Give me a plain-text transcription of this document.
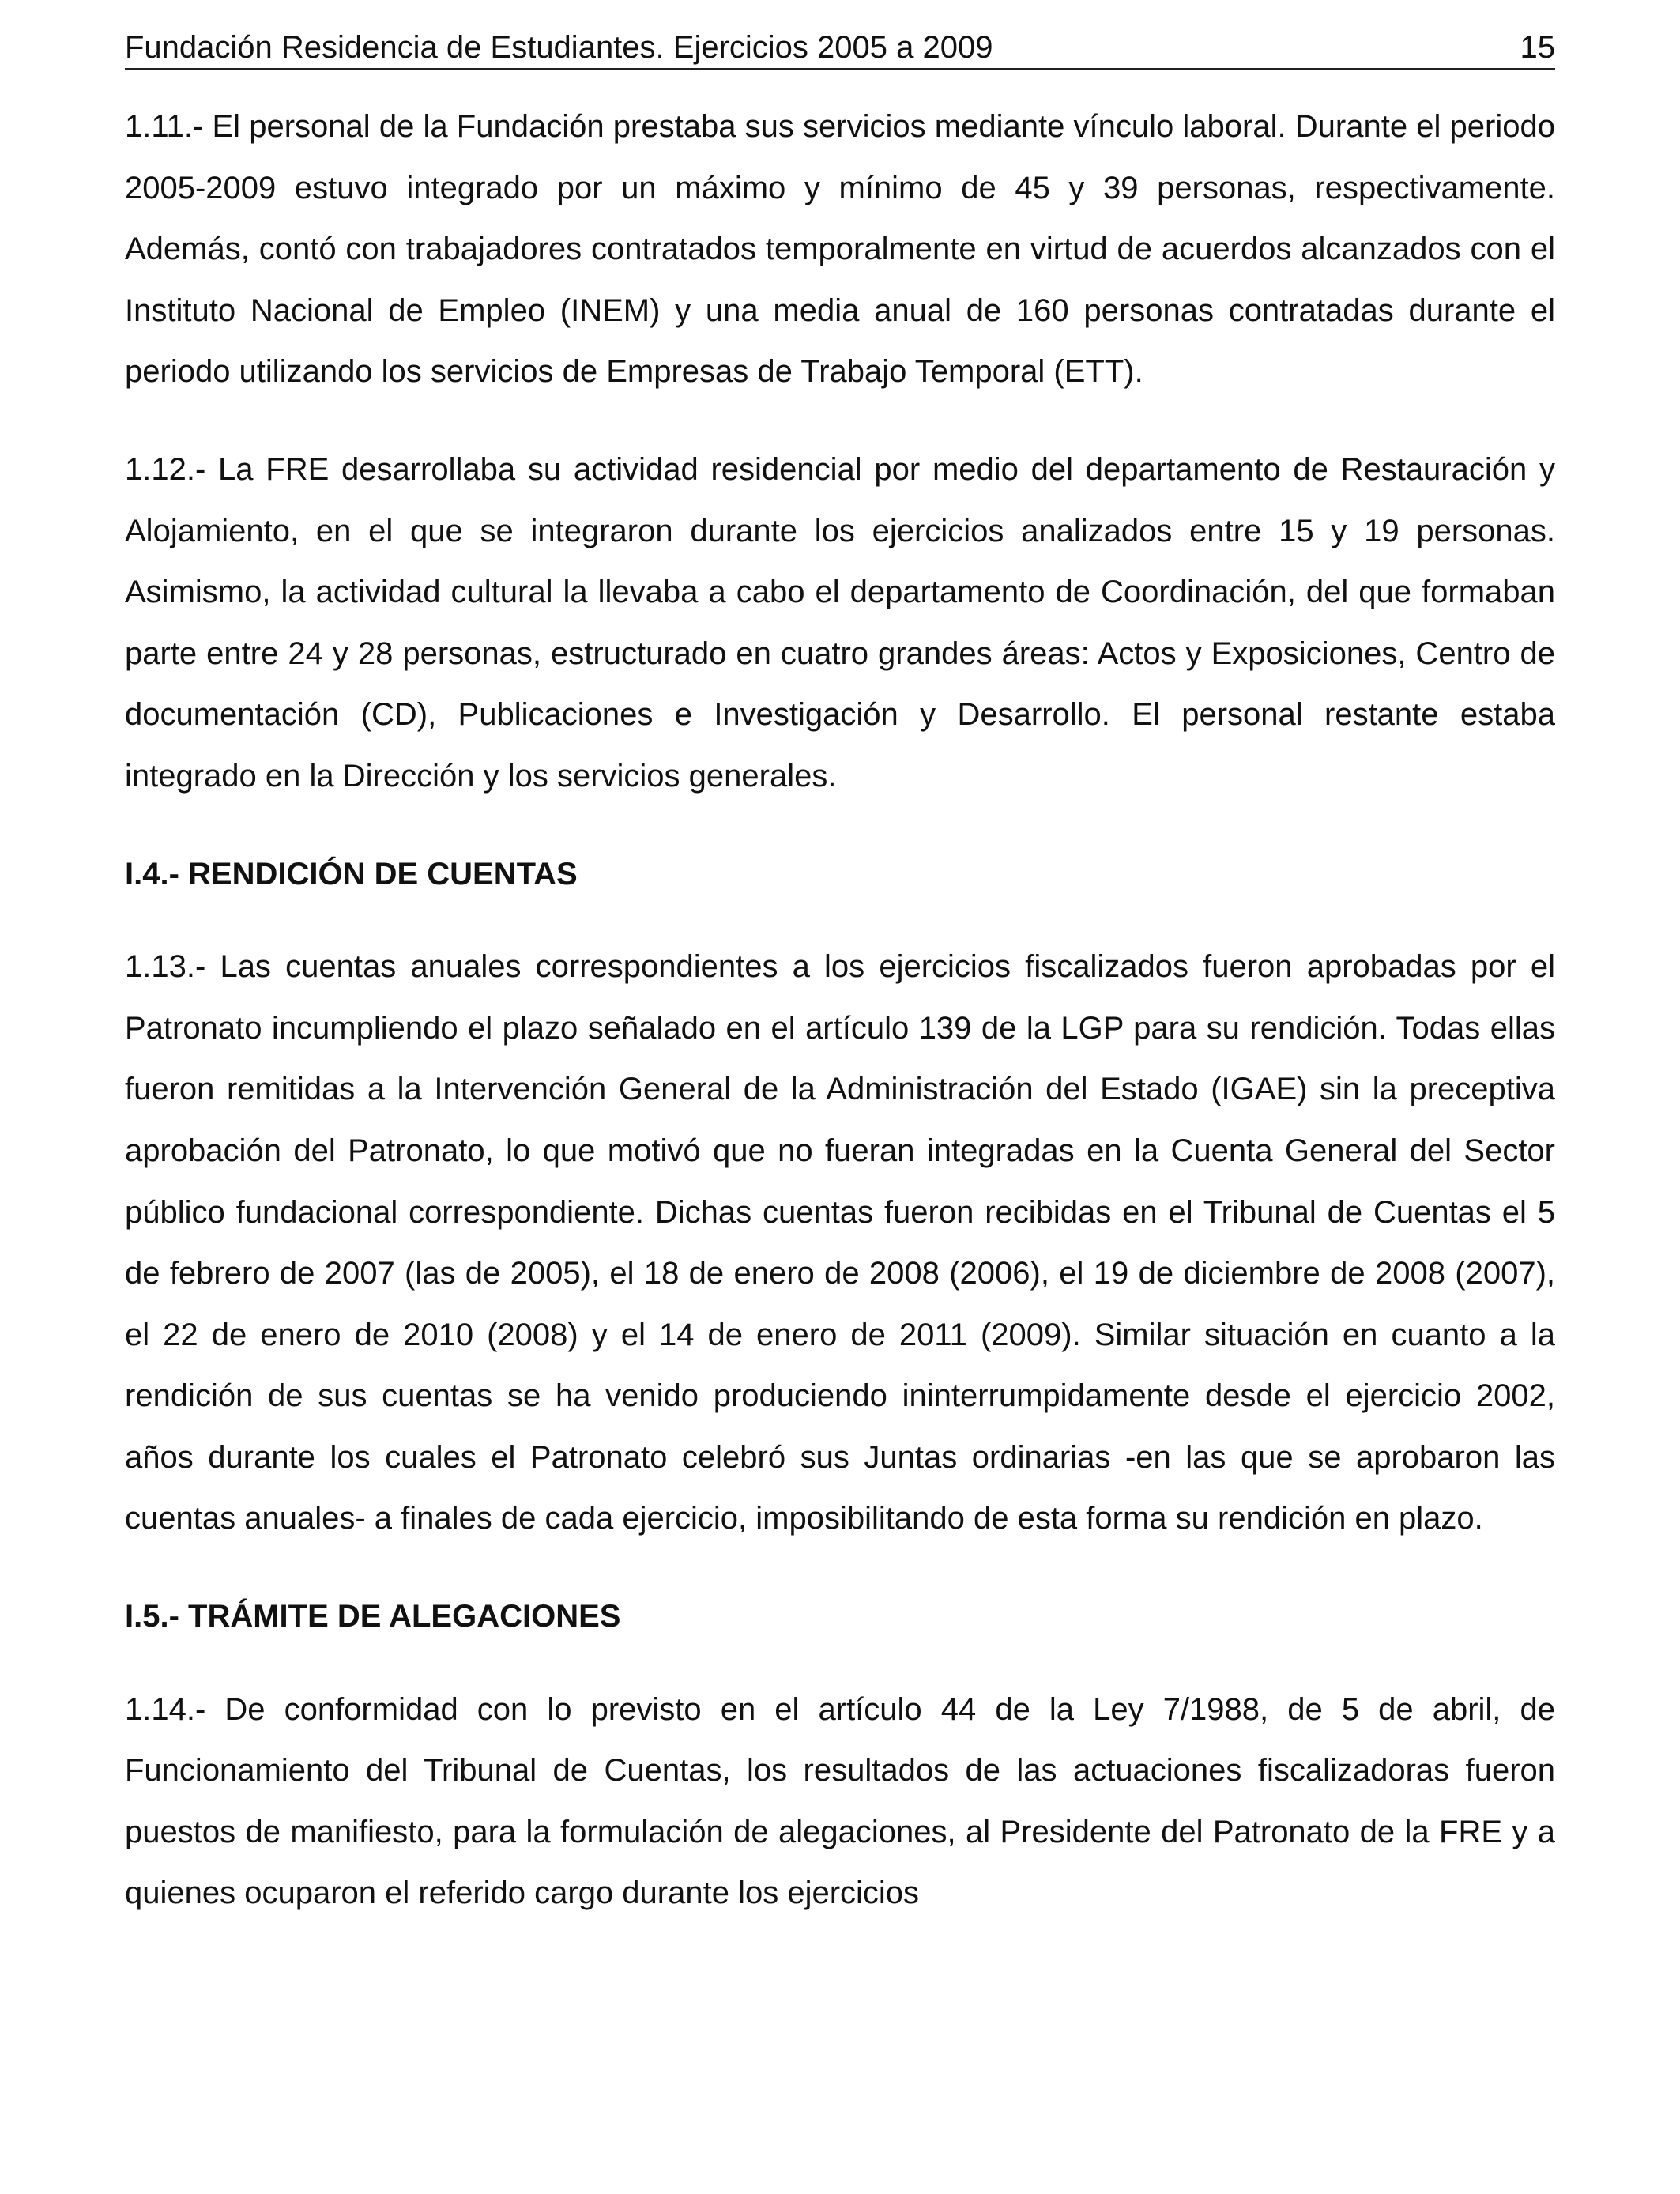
Fundación Residencia de Estudiantes. Ejercicios 2005 a 2009	15

1.11.- El personal de la Fundación prestaba sus servicios mediante vínculo laboral. Durante el periodo 2005-2009 estuvo integrado por un máximo y mínimo de 45 y 39 personas, respectivamente. Además, contó con trabajadores contratados temporalmente en virtud de acuerdos alcanzados con el Instituto Nacional de Empleo (INEM) y una media anual de 160 personas contratadas durante el periodo utilizando los servicios de Empresas de Trabajo Temporal (ETT).

1.12.- La FRE desarrollaba su actividad residencial por medio del departamento de Restauración y Alojamiento, en el que se integraron durante los ejercicios analizados entre 15 y 19 personas. Asimismo, la actividad cultural la llevaba a cabo el departamento de Coordinación, del que formaban parte entre 24 y 28 personas, estructurado en cuatro grandes áreas: Actos y Exposiciones, Centro de documentación (CD), Publicaciones e Investigación y Desarrollo. El personal restante estaba integrado en la Dirección y los servicios generales.

I.4.- RENDICIÓN DE CUENTAS

1.13.- Las cuentas anuales correspondientes a los ejercicios fiscalizados fueron aprobadas por el Patronato incumpliendo el plazo señalado en el artículo 139 de la LGP para su rendición. Todas ellas fueron remitidas a la Intervención General de la Administración del Estado (IGAE) sin la preceptiva aprobación del Patronato, lo que motivó que no fueran integradas en la Cuenta General del Sector público fundacional correspondiente. Dichas cuentas fueron recibidas en el Tribunal de Cuentas el 5 de febrero de 2007 (las de 2005), el 18 de enero de 2008 (2006), el 19 de diciembre de 2008 (2007), el 22 de enero de 2010 (2008) y el 14 de enero de 2011 (2009). Similar situación en cuanto a la rendición de sus cuentas se ha venido produciendo ininterrumpidamente desde el ejercicio 2002, años durante los cuales el Patronato celebró sus Juntas ordinarias -en las que se aprobaron las cuentas anuales- a finales de cada ejercicio, imposibilitando de esta forma su rendición en plazo.

I.5.- TRÁMITE DE ALEGACIONES

1.14.- De conformidad con lo previsto en el artículo 44 de la Ley 7/1988, de 5 de abril, de Funcionamiento del Tribunal de Cuentas, los resultados de las actuaciones fiscalizadoras fueron puestos de manifiesto, para la formulación de alegaciones, al Presidente del Patronato de la FRE y a quienes ocuparon el referido cargo durante los ejercicios
